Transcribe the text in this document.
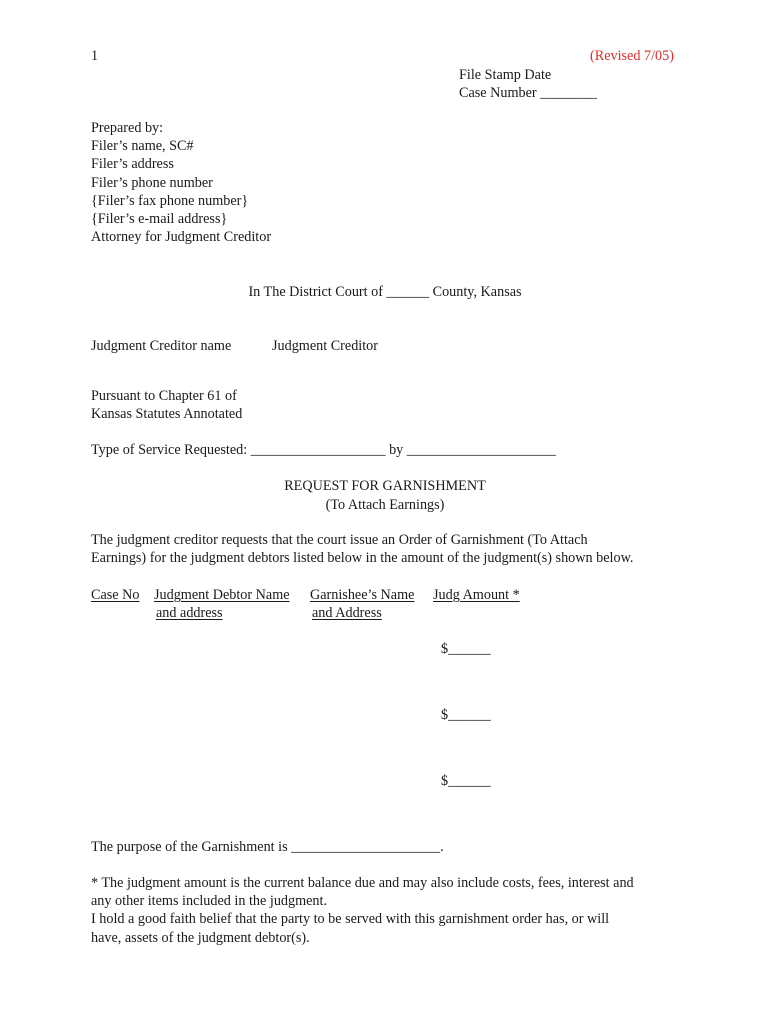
1	(Revised 7/05)
File Stamp Date
Case Number ________
Prepared by:
Filer’s name, SC#
Filer’s address
Filer’s phone number
{Filer’s fax phone number}
{Filer’s e-mail address}
Attorney for Judgment Creditor
In The District Court of ______ County, Kansas
Judgment Creditor name	Judgment Creditor
Pursuant to Chapter 61 of
Kansas Statutes Annotated
Type of Service Requested: ___________________ by _____________________
REQUEST FOR GARNISHMENT
(To Attach Earnings)
The judgment creditor requests that the court issue an Order of Garnishment (To Attach
Earnings) for the judgment debtors listed below in the amount of the judgment(s) shown below.
Case No Judgment Debtor Name
and address
Garnishee’s Name
and Address
Judg Amount *
$______
$______
$______
The purpose of the Garnishment is _____________________.
* The judgment amount is the current balance due and may also include costs, fees, interest and
any other items included in the judgment.
I hold a good faith belief that the party to be served with this garnishment order has, or will
have, assets of the judgment debtor(s).
